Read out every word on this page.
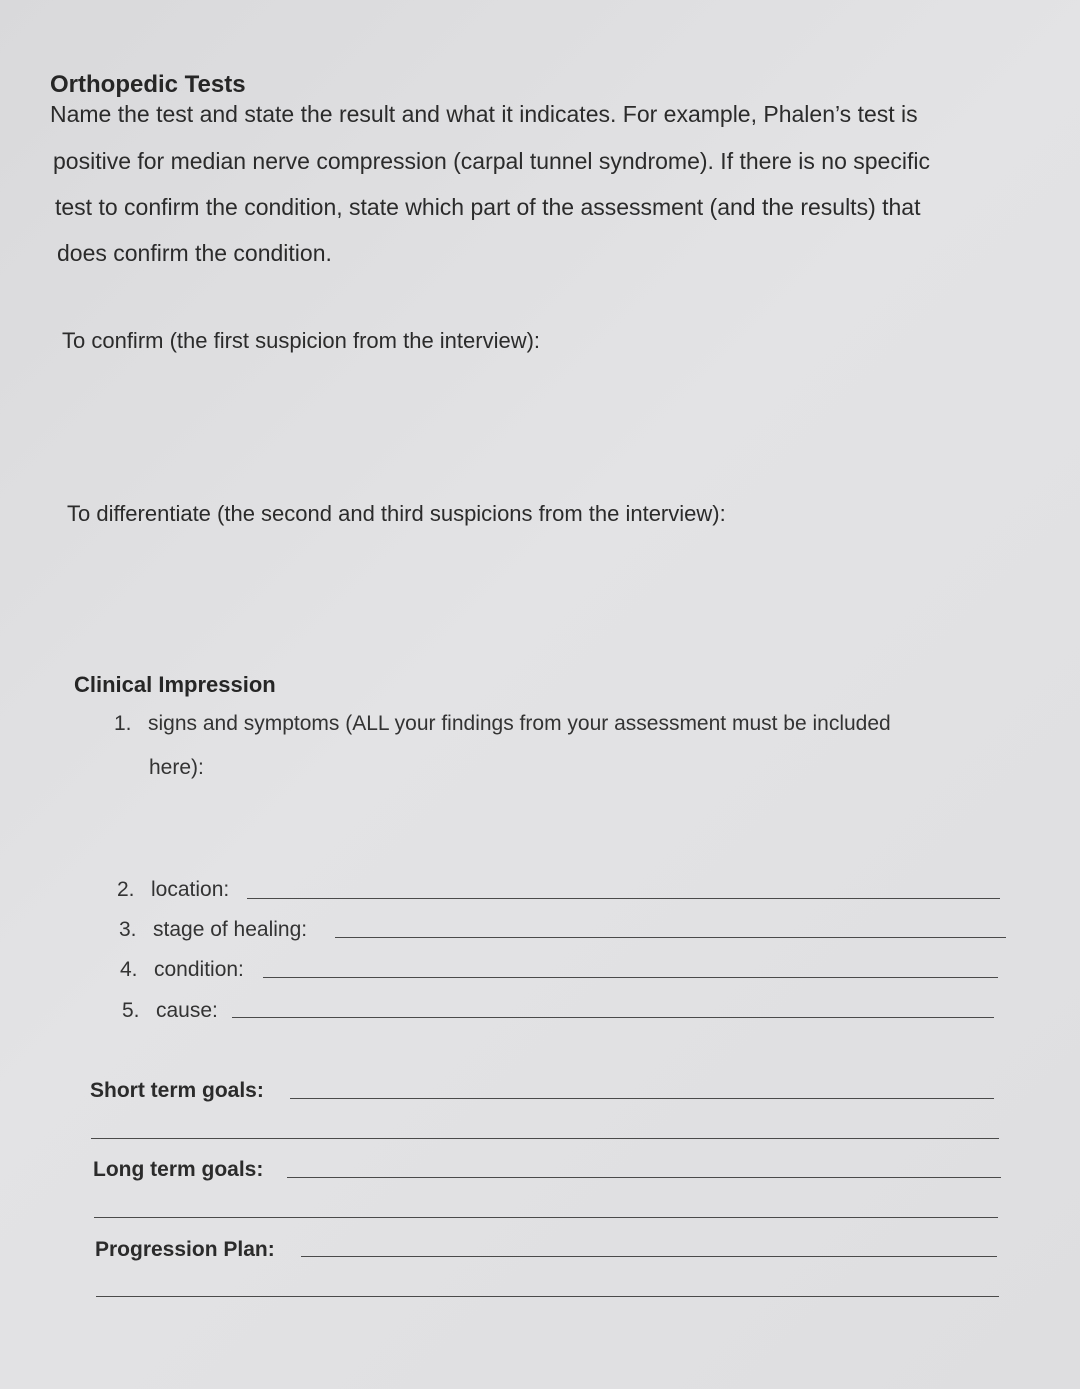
Orthopedic Tests
Name the test and state the result and what it indicates. For example, Phalen’s test is
positive for median nerve compression (carpal tunnel syndrome). If there is no specific
test to confirm the condition, state which part of the assessment (and the results) that
does confirm the condition.
To confirm (the first suspicion from the interview):
To differentiate (the second and third suspicions from the interview):
Clinical Impression
1. signs and symptoms (ALL your findings from your assessment must be included
here):
2. location:
3. stage of healing:
4. condition:
5. cause:
Short term goals:
Long term goals:
Progression Plan:
